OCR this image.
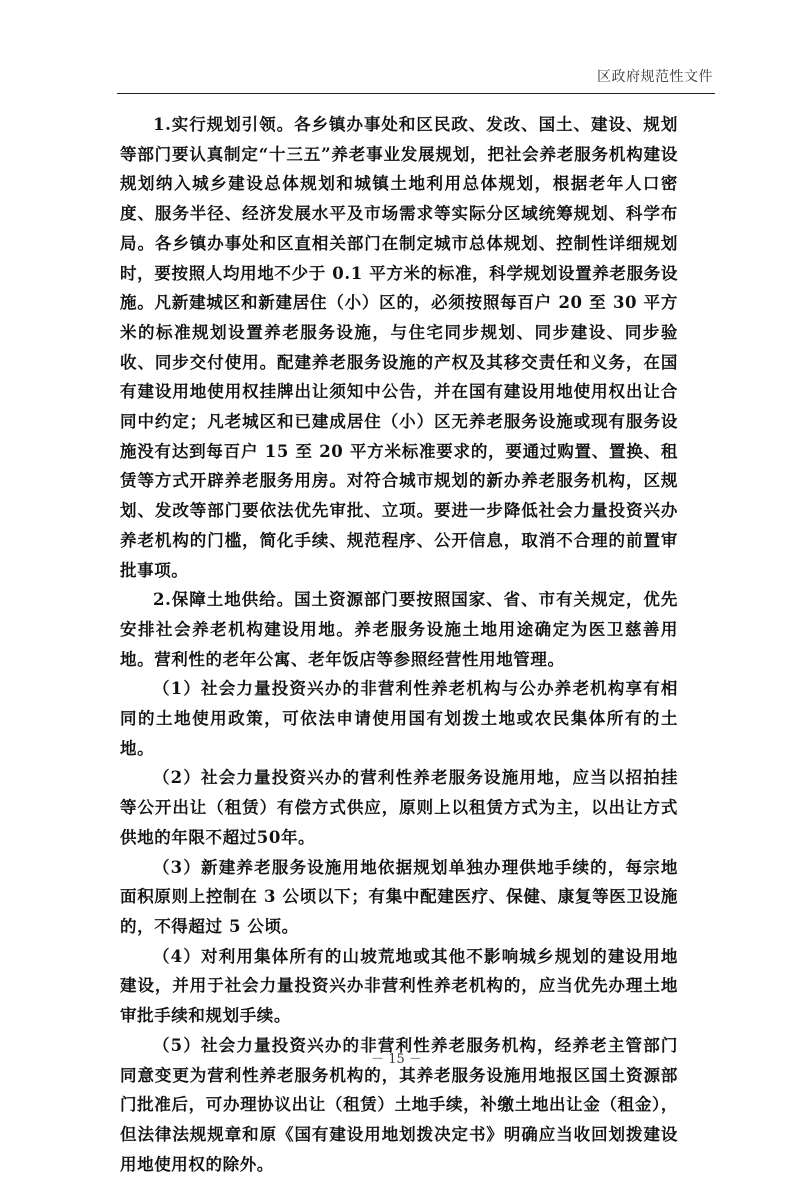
区政府规范性文件

1.实行规划引领。各乡镇办事处和区民政、发改、国土、建设、规划等部门要认真制定“十三五”养老事业发展规划，把社会养老服务机构建设规划纳入城乡建设总体规划和城镇土地利用总体规划，根据老年人口密度、服务半径、经济发展水平及市场需求等实际分区域统筹规划、科学布局。各乡镇办事处和区直相关部门在制定城市总体规划、控制性详细规划时，要按照人均用地不少于 0.1 平方米的标准，科学规划设置养老服务设施。凡新建城区和新建居住（小）区的，必须按照每百户 20 至 30 平方米的标准规划设置养老服务设施，与住宅同步规划、同步建设、同步验收、同步交付使用。配建养老服务设施的产权及其移交责任和义务，在国有建设用地使用权挂牌出让须知中公告，并在国有建设用地使用权出让合同中约定；凡老城区和已建成居住（小）区无养老服务设施或现有服务设施没有达到每百户 15 至 20 平方米标准要求的，要通过购置、置换、租赁等方式开辟养老服务用房。对符合城市规划的新办养老服务机构，区规划、发改等部门要依法优先审批、立项。要进一步降低社会力量投资兴办养老机构的门槛，简化手续、规范程序、公开信息，取消不合理的前置审批事项。

2.保障土地供给。国土资源部门要按照国家、省、市有关规定，优先安排社会养老机构建设用地。养老服务设施土地用途确定为医卫慈善用地。营利性的老年公寓、老年饭店等参照经营性用地管理。

（1）社会力量投资兴办的非营利性养老机构与公办养老机构享有相同的土地使用政策，可依法申请使用国有划拨土地或农民集体所有的土地。

（2）社会力量投资兴办的营利性养老服务设施用地，应当以招拍挂等公开出让（租赁）有偿方式供应，原则上以租赁方式为主，以出让方式供地的年限不超过50年。

（3）新建养老服务设施用地依据规划单独办理供地手续的，每宗地面积原则上控制在 3 公顷以下；有集中配建医疗、保健、康复等医卫设施的，不得超过 5 公顷。

（4）对利用集体所有的山坡荒地或其他不影响城乡规划的建设用地建设，并用于社会力量投资兴办非营利性养老机构的，应当优先办理土地审批手续和规划手续。

（5）社会力量投资兴办的非营利性养老服务机构，经养老主管部门同意变更为营利性养老服务机构的，其养老服务设施用地报区国土资源部门批准后，可办理协议出让（租赁）土地手续，补缴土地出让金（租金），但法律法规规章和原《国有建设用地划拨决定书》明确应当收回划拨建设用地使用权的除外。

－ 15 －
